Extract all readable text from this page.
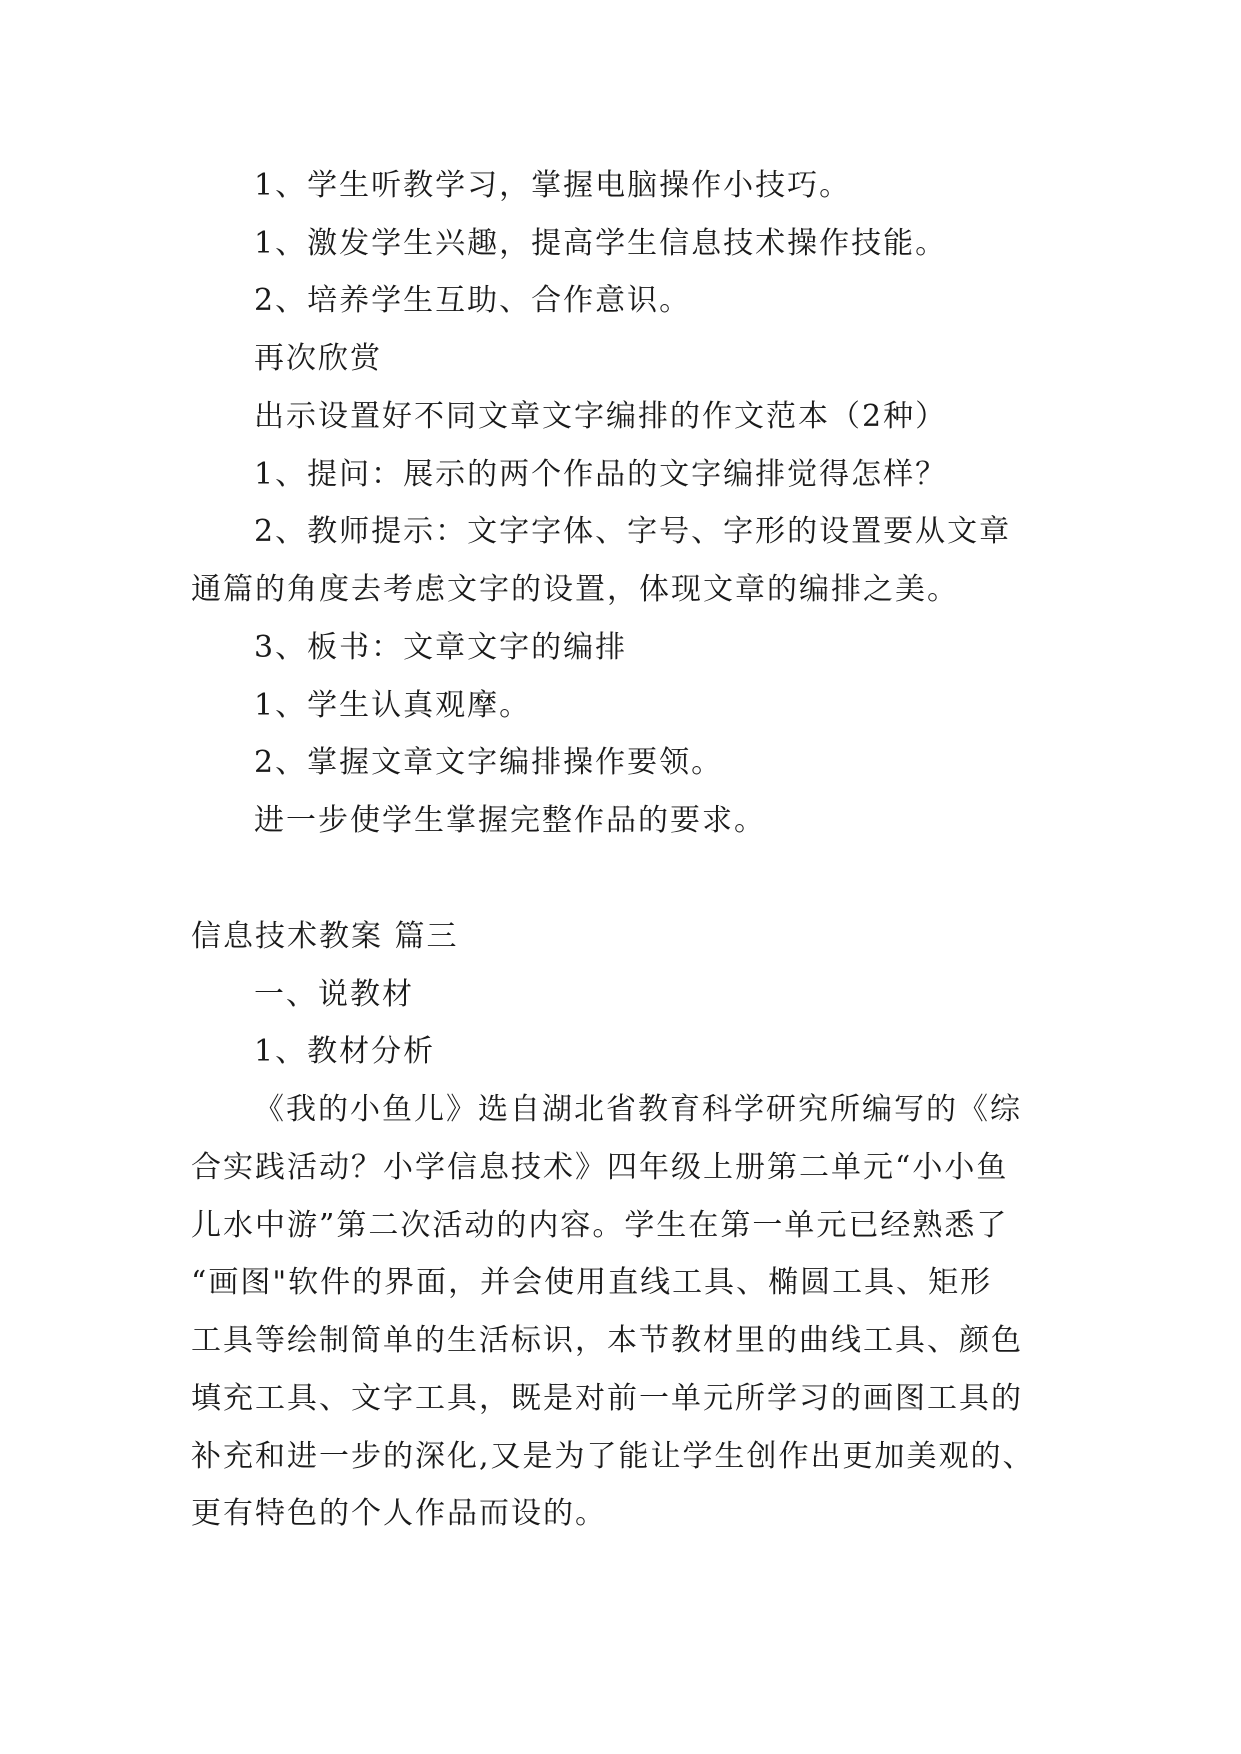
1、学生听教学习，掌握电脑操作小技巧。
1、激发学生兴趣，提高学生信息技术操作技能。
2、培养学生互助、合作意识。
再次欣赏
出示设置好不同文章文字编排的作文范本（2种）
1、提问：展示的两个作品的文字编排觉得怎样？
2、教师提示：文字字体、字号、字形的设置要从文章
通篇的角度去考虑文字的设置，体现文章的编排之美。
3、板书：文章文字的编排
1、学生认真观摩。
2、掌握文章文字编排操作要领。
进一步使学生掌握完整作品的要求。
信息技术教案 篇三
一、说教材
1、教材分析
《我的小鱼儿》选自湖北省教育科学研究所编写的《综
合实践活动？小学信息技术》四年级上册第二单元“小小鱼
儿水中游”第二次活动的内容。学生在第一单元已经熟悉了
“画图"软件的界面，并会使用直线工具、椭圆工具、矩形
工具等绘制简单的生活标识，本节教材里的曲线工具、颜色
填充工具、文字工具，既是对前一单元所学习的画图工具的
补充和进一步的深化,又是为了能让学生创作出更加美观的、
更有特色的个人作品而设的。
